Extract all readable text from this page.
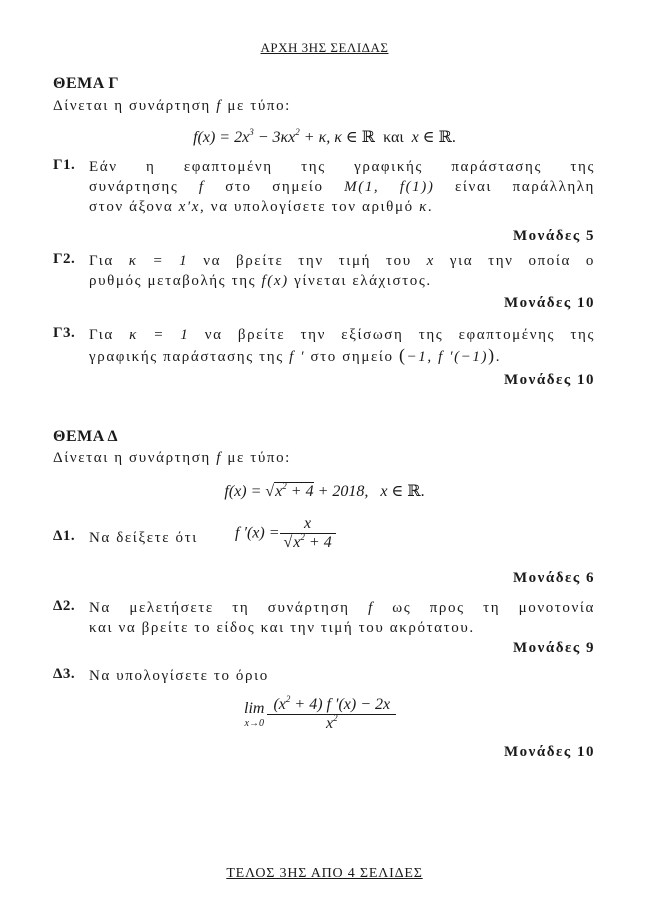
ΑΡΧΗ 3ΗΣ ΣΕΛΙΔΑΣ
ΘΕΜΑ Γ
Δίνεται η συνάρτηση f με τύπο:
$f(x) = 2x^3 - 3\kappa x^2 + \kappa$, κ ∈ ℝ  και  x ∈ ℝ.
Γ1. Εάν η εφαπτομένη της γραφικής παράστασης της
συνάρτησης f στο σημείο M(1, f(1)) είναι παράλληλη
στον άξονα x′x, να υπολογίσετε τον αριθμό κ.
Μονάδες 5
Γ2. Για κ = 1 να βρείτε την τιμή του x για την οποία ο
ρυθμός μεταβολής της f(x) γίνεται ελάχιστος.
Μονάδες 10
Γ3. Για κ = 1 να βρείτε την εξίσωση της εφαπτομένης της
γραφικής παράστασης της f ′ στο σημείο (−1, f ′(−1)).
Μονάδες 10
ΘΕΜΑ Δ
Δίνεται η συνάρτηση f με τύπο:
$f(x) = √x^2 + 4 + 2018$,   x ∈ ℝ.
Δ1. Να δείξετε ότι f $'(x) = \frac{x}{√x^2 + 4}$
Μονάδες 6
Δ2. Να μελετήσετε τη συνάρτηση f ως προς τη μονοτονία
και να βρείτε το είδος και την τιμή του ακρότατου.
Μονάδες 9
Δ3. Να υπολογίσετε το όριο
lim
$x\to 0 \frac{(x^2 + 4) f '(x) - 2x}{x^2}$
Μονάδες 10
ΤΕΛΟΣ 3ΗΣ ΑΠΟ 4 ΣΕΛΙΔΕΣ
